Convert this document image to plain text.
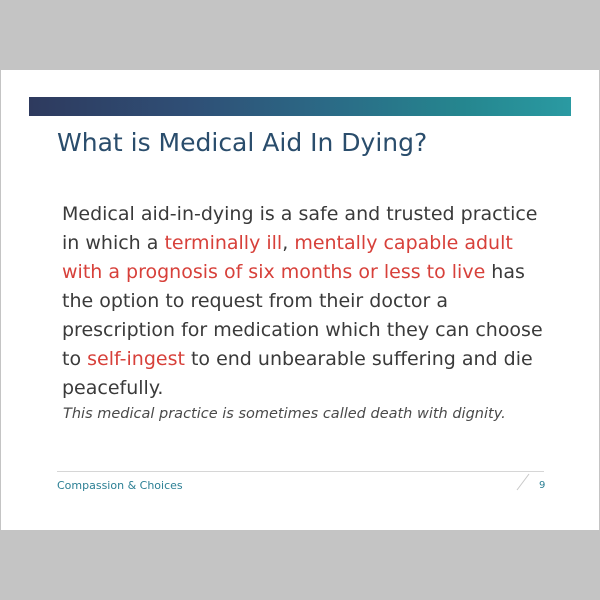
What is Medical Aid In Dying?

Medical aid-in-dying is a safe and trusted practice in which a terminally ill, mentally capable adult with a prognosis of six months or less to live has the option to request from their doctor a prescription for medication which they can choose to self-ingest to end unbearable suffering and die peacefully.

This medical practice is sometimes called death with dignity.

Compassion & Choices	9
